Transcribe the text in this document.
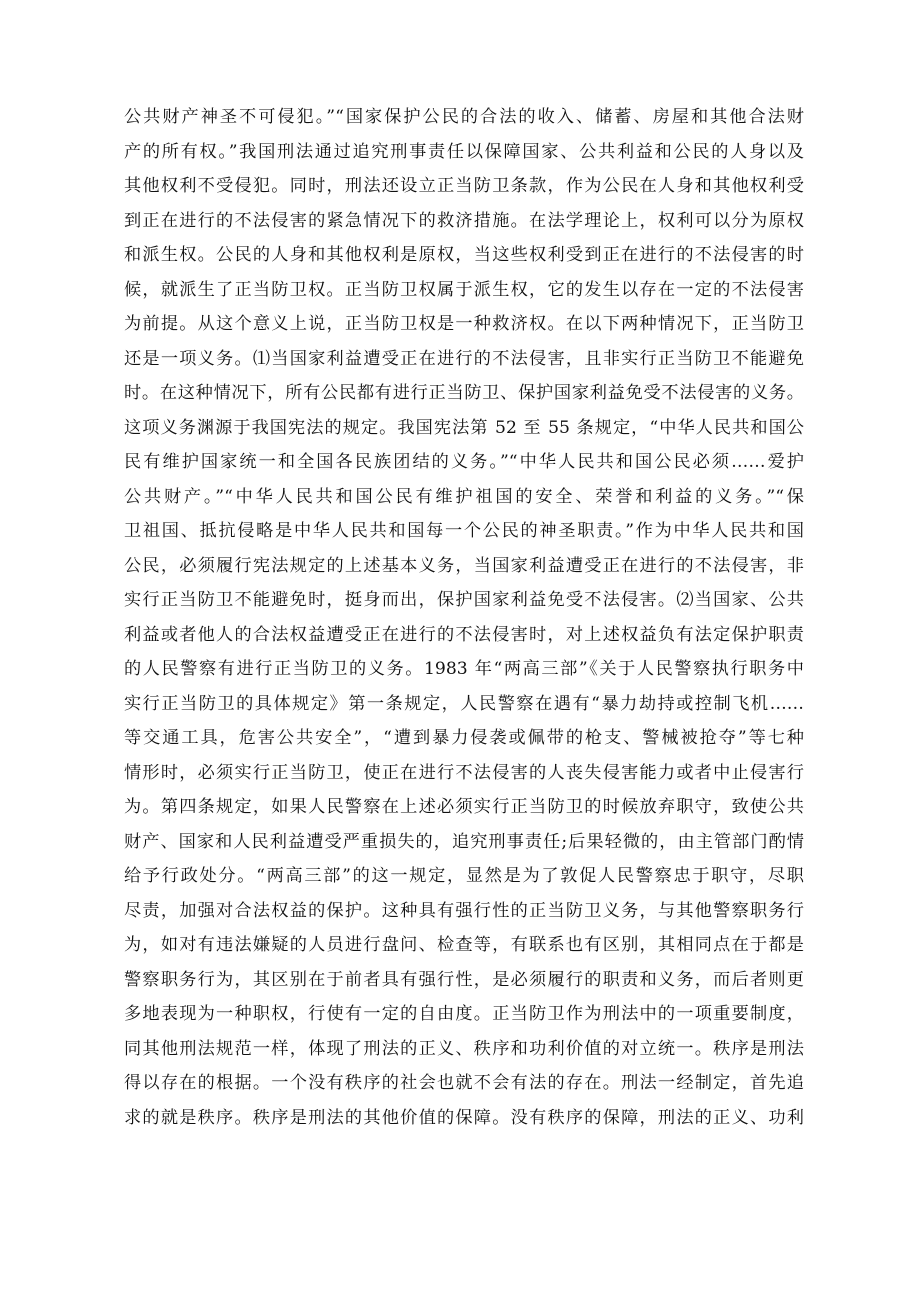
公共财产神圣不可侵犯。”“国家保护公民的合法的收入、储蓄、房屋和其他合法财
产的所有权。”我国刑法通过追究刑事责任以保障国家、公共利益和公民的人身以及
其他权利不受侵犯。同时，刑法还设立正当防卫条款，作为公民在人身和其他权利受
到正在进行的不法侵害的紧急情况下的救济措施。在法学理论上，权利可以分为原权
和派生权。公民的人身和其他权利是原权，当这些权利受到正在进行的不法侵害的时
候，就派生了正当防卫权。正当防卫权属于派生权，它的发生以存在一定的不法侵害
为前提。从这个意义上说，正当防卫权是一种救济权。在以下两种情况下，正当防卫
还是一项义务。⑴当国家利益遭受正在进行的不法侵害，且非实行正当防卫不能避免
时。在这种情况下，所有公民都有进行正当防卫、保护国家利益免受不法侵害的义务。
这项义务渊源于我国宪法的规定。我国宪法第 52 至 55 条规定，“中华人民共和国公
民有维护国家统一和全国各民族团结的义务。”“中华人民共和国公民必须……爱护
公共财产。”“中华人民共和国公民有维护祖国的安全、荣誉和利益的义务。”“保
卫祖国、抵抗侵略是中华人民共和国每一个公民的神圣职责。”作为中华人民共和国
公民，必须履行宪法规定的上述基本义务，当国家利益遭受正在进行的不法侵害，非
实行正当防卫不能避免时，挺身而出，保护国家利益免受不法侵害。⑵当国家、公共
利益或者他人的合法权益遭受正在进行的不法侵害时，对上述权益负有法定保护职责
的人民警察有进行正当防卫的义务。1983 年“两高三部”《关于人民警察执行职务中
实行正当防卫的具体规定》第一条规定，人民警察在遇有“暴力劫持或控制飞机……
等交通工具，危害公共安全”，“遭到暴力侵袭或佩带的枪支、警械被抢夺”等七种
情形时，必须实行正当防卫，使正在进行不法侵害的人丧失侵害能力或者中止侵害行
为。第四条规定，如果人民警察在上述必须实行正当防卫的时候放弃职守，致使公共
财产、国家和人民利益遭受严重损失的，追究刑事责任;后果轻微的，由主管部门酌情
给予行政处分。“两高三部”的这一规定，显然是为了敦促人民警察忠于职守，尽职
尽责，加强对合法权益的保护。这种具有强行性的正当防卫义务，与其他警察职务行
为，如对有违法嫌疑的人员进行盘问、检查等，有联系也有区别，其相同点在于都是
警察职务行为，其区别在于前者具有强行性，是必须履行的职责和义务，而后者则更
多地表现为一种职权，行使有一定的自由度。正当防卫作为刑法中的一项重要制度，
同其他刑法规范一样，体现了刑法的正义、秩序和功利价值的对立统一。秩序是刑法
得以存在的根据。一个没有秩序的社会也就不会有法的存在。刑法一经制定，首先追
求的就是秩序。秩序是刑法的其他价值的保障。没有秩序的保障，刑法的正义、功利
